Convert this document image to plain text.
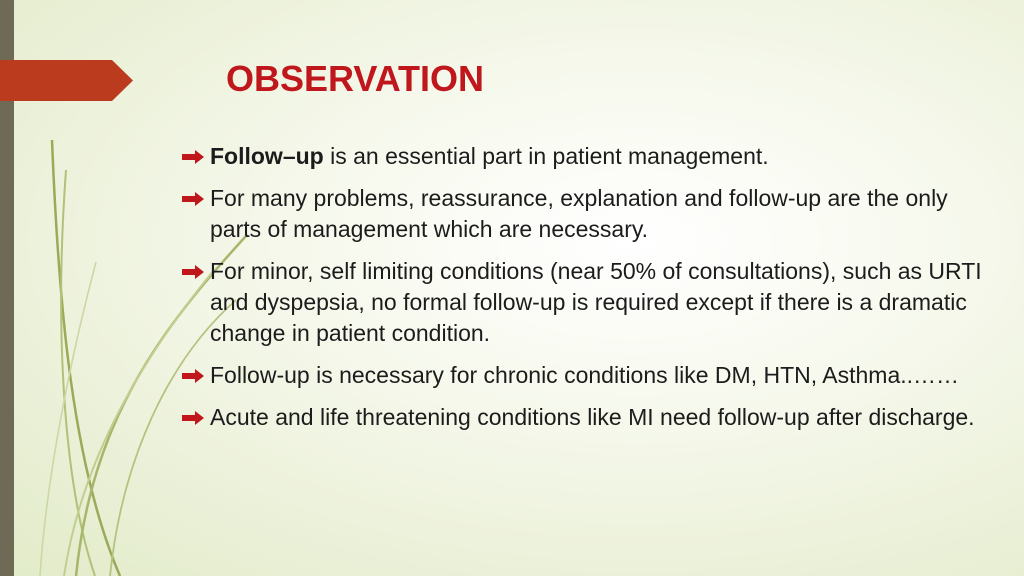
OBSERVATION
Follow–up is an essential part in patient management.
For many problems, reassurance, explanation and follow-up are the only parts of management which are necessary.
For minor, self limiting conditions (near 50% of consultations), such as URTI and dyspepsia, no formal follow-up is required except if there is a dramatic change in patient condition.
Follow-up is necessary for chronic conditions like DM, HTN, Asthma..……
Acute and life threatening conditions like MI need follow-up after discharge.
